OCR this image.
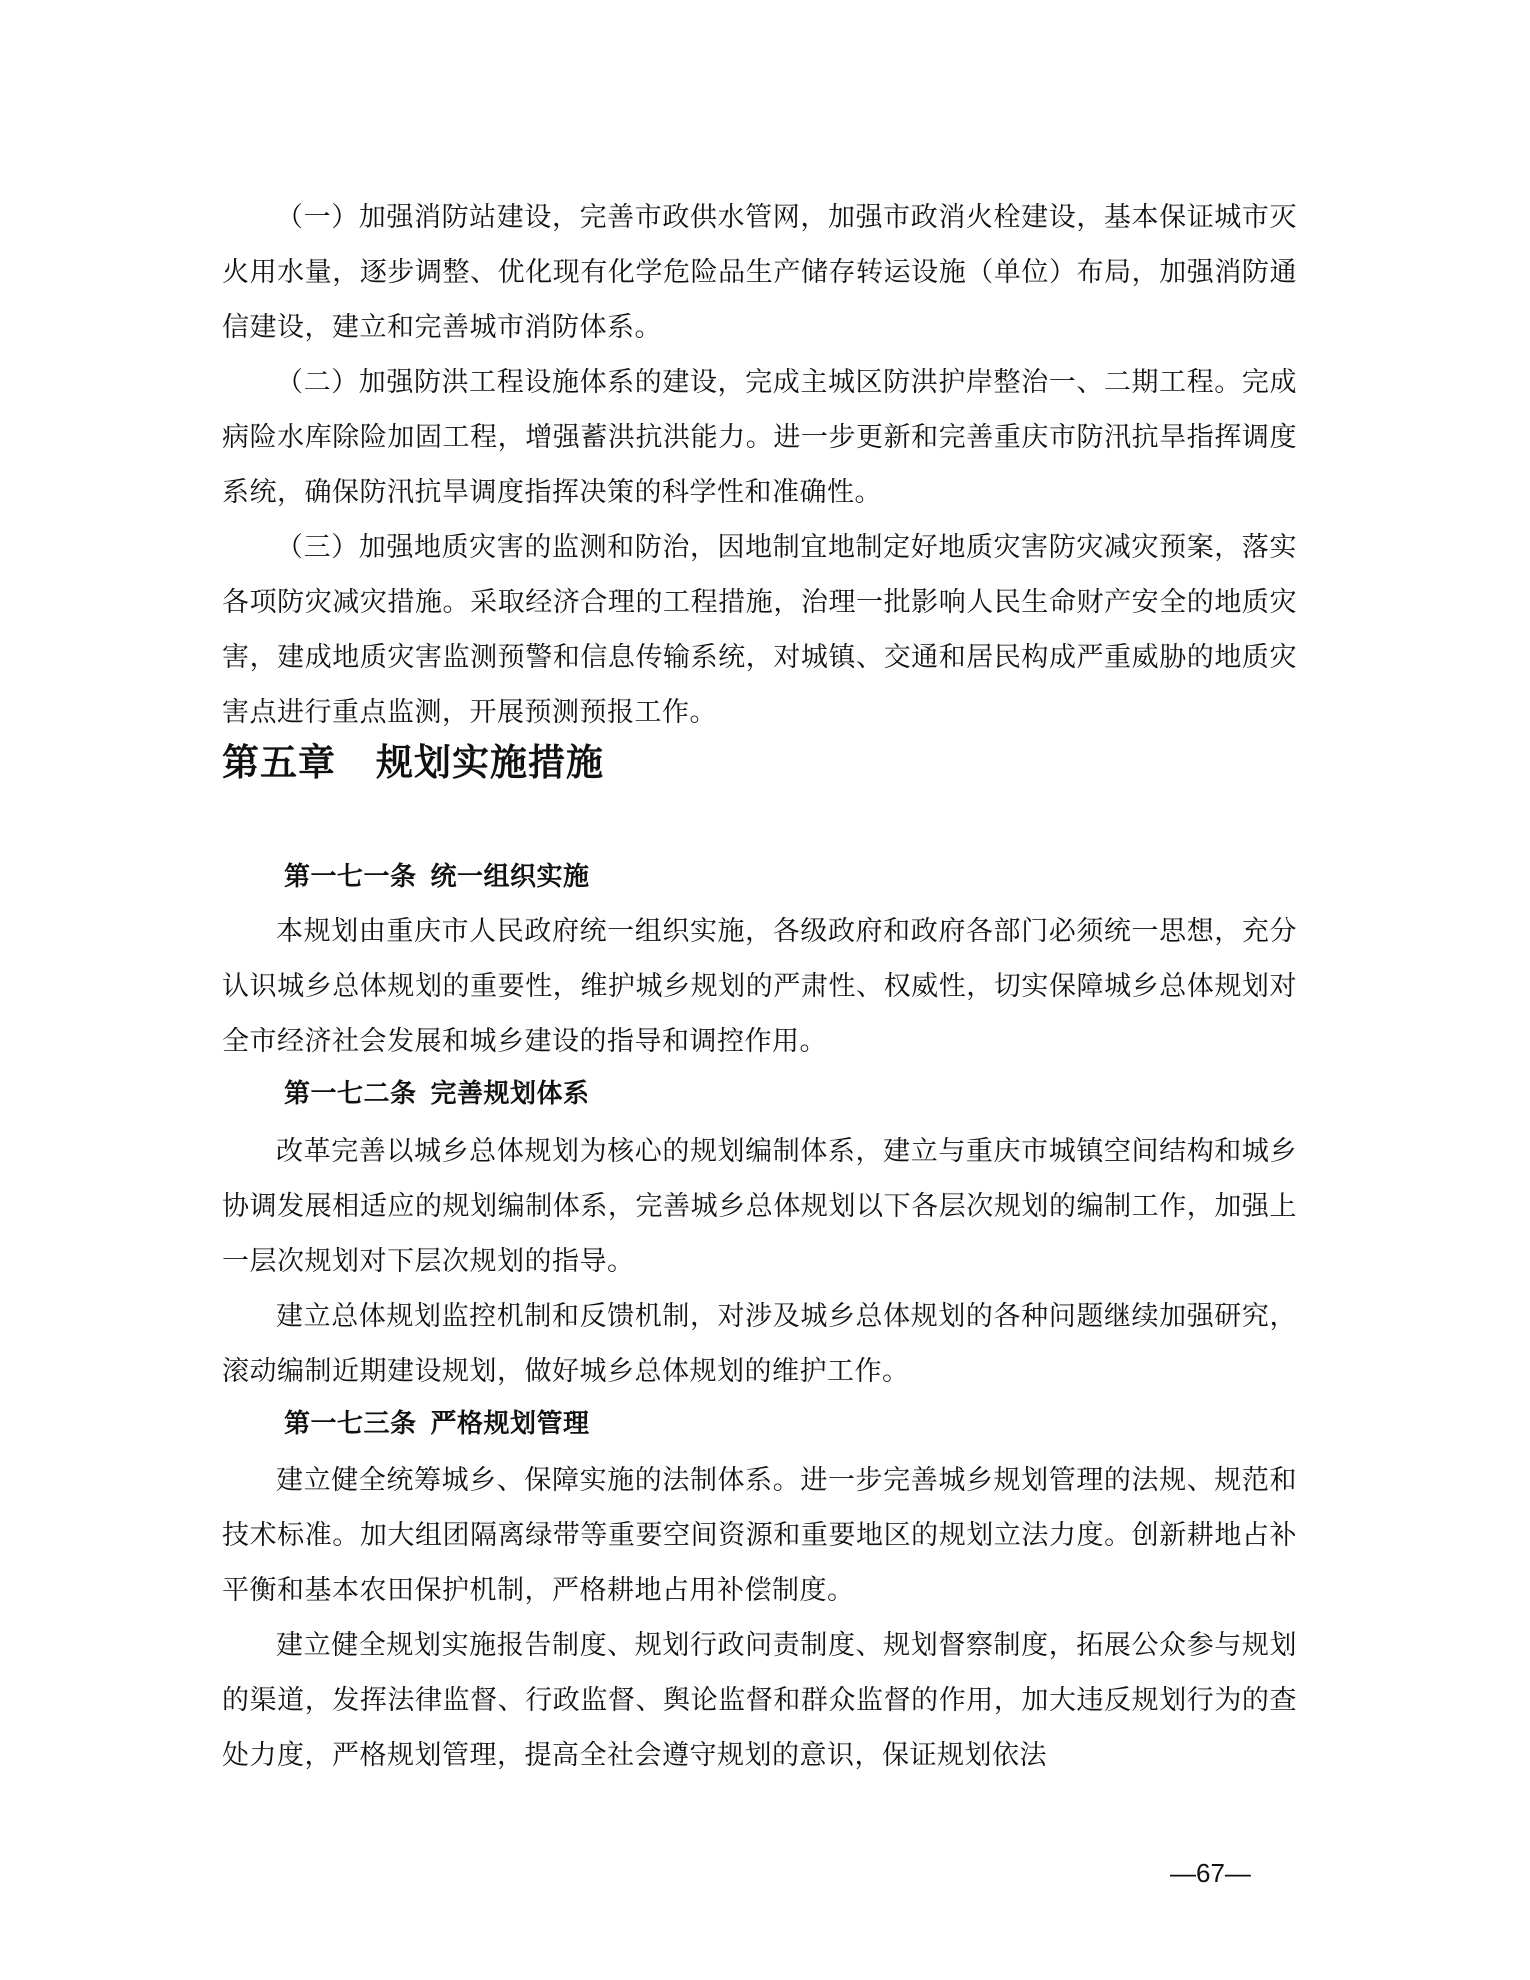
（一）加强消防站建设，完善市政供水管网，加强市政消火栓建设，基本保证城市灭火用水量，逐步调整、优化现有化学危险品生产储存转运设施（单位）布局，加强消防通信建设，建立和完善城市消防体系。

（二）加强防洪工程设施体系的建设，完成主城区防洪护岸整治一、二期工程。完成病险水库除险加固工程，增强蓄洪抗洪能力。进一步更新和完善重庆市防汛抗旱指挥调度系统，确保防汛抗旱调度指挥决策的科学性和准确性。

（三）加强地质灾害的监测和防治，因地制宜地制定好地质灾害防灾减灾预案，落实各项防灾减灾措施。采取经济合理的工程措施，治理一批影响人民生命财产安全的地质灾害，建成地质灾害监测预警和信息传输系统，对城镇、交通和居民构成严重威胁的地质灾害点进行重点监测，开展预测预报工作。

第五章 规划实施措施
第一七一条 统一组织实施

本规划由重庆市人民政府统一组织实施，各级政府和政府各部门必须统一思想，充分认识城乡总体规划的重要性，维护城乡规划的严肃性、权威性，切实保障城乡总体规划对全市经济社会发展和城乡建设的指导和调控作用。

第一七二条 完善规划体系

改革完善以城乡总体规划为核心的规划编制体系，建立与重庆市城镇空间结构和城乡协调发展相适应的规划编制体系，完善城乡总体规划以下各层次规划的编制工作，加强上一层次规划对下层次规划的指导。

建立总体规划监控机制和反馈机制，对涉及城乡总体规划的各种问题继续加强研究，滚动编制近期建设规划，做好城乡总体规划的维护工作。

第一七三条 严格规划管理

建立健全统筹城乡、保障实施的法制体系。进一步完善城乡规划管理的法规、规范和技术标准。加大组团隔离绿带等重要空间资源和重要地区的规划立法力度。创新耕地占补平衡和基本农田保护机制，严格耕地占用补偿制度。

建立健全规划实施报告制度、规划行政问责制度、规划督察制度，拓展公众参与规划的渠道，发挥法律监督、行政监督、舆论监督和群众监督的作用，加大违反规划行为的查处力度，严格规划管理，提高全社会遵守规划的意识，保证规划依法

—67—
